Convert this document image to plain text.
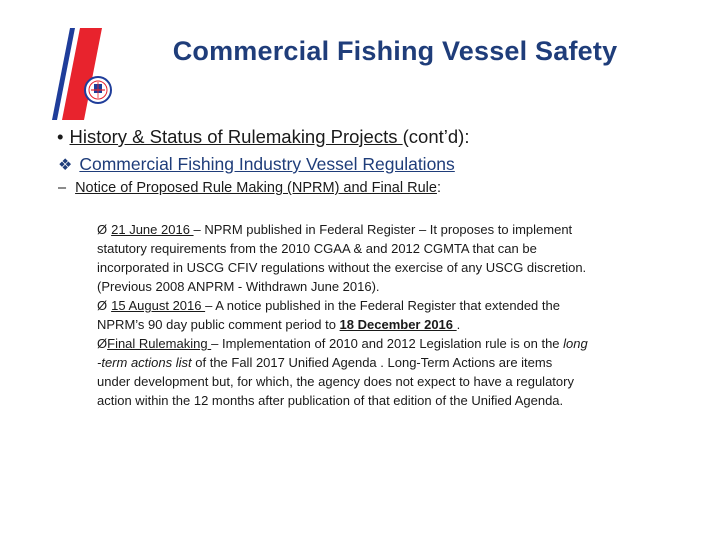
Commercial Fishing Vessel Safety
• History & Status of Rulemaking Projects (cont’d):
❖ Commercial Fishing Industry Vessel Regulations
– Notice of Proposed Rule Making (NPRM) and Final Rule:

Ø 21 June 2016 – NPRM published in Federal Register – It proposes to implement
statutory requirements from the 2010 CGAA & and 2012 CGMTA that can be
incorporated in USCG CFIV regulations without the exercise of any USCG discretion.
(Previous 2008 ANPRM - Withdrawn June 2016).

Ø 15 August 2016 – A notice published in the Federal Register that extended the
NPRM’s 90 day public comment period to 18 December 2016 .

ØFinal Rulemaking – Implementation of 2010 and 2012 Legislation rule is on the long
-term actions list of the Fall 2017 Unified Agenda . Long-Term Actions are items
under development but, for which, the agency does not expect to have a regulatory
action within the 12 months after publication of that edition of the Unified Agenda.
